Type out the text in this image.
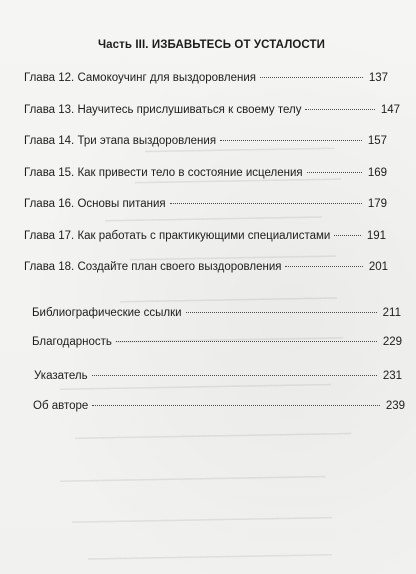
━━━━━━━━━━━━━━━━━━━━━━━━━━━━━━━━━━━
━━━━━━━━━━━━━━━━━━━━━━━━━━━━━━━━━━━━━━
━━━━━━━━━━━━━━━━━━━━━━━━━━━━━━━━━━━━━━━━
━━━━━━━━━━━━━━━━━━━━━━━━━━━━━━━━━━━━━━
━━━━━━━━━━━━━━━━━━━━━━━━━━━━━━━━━━━━━━━━
━━━━━━━━━━━━━━━━━━━━━━━━━━━━━━━━━━━━━━━━━━
━━━━━━━━━━━━━━━━━━━━━━━━━━━━━━━━━━━━━━━━━━━━━━━━━━
━━━━━━━━━━━━━━━━━━━━━━━━━━━━━━━━━━━━━━━━━━━━━━━━━━━
━━━━━━━━━━━━━━━━━━━━━━━━━━━━━━━━━━━━━━━━━━━━━━━━━
━━━━━━━━━━━━━━━━━━━━━━━━━━━━━━━━━━━━━━━━━━━━━━━━
━━━━━━━━━━━━━━━━━━━━━━━━━━━━━━━━━━━━━━━━━━━━━
Часть III. ИЗБАВЬТЕСЬ ОТ УСТАЛОСТИ
Глава 12. Самокоучинг для выздоровления	137
Глава 13. Научитесь прислушиваться к своему телу	147
Глава 14. Три этапа выздоровления	157
Глава 15. Как привести тело в состояние исцеления	169
Глава 16. Основы питания	179
Глава 17. Как работать с практикующими специалистами	191
Глава 18. Создайте план своего выздоровления	201
Библиографические ссылки	211
Благодарность	229
Указатель	231
Об авторе	239
